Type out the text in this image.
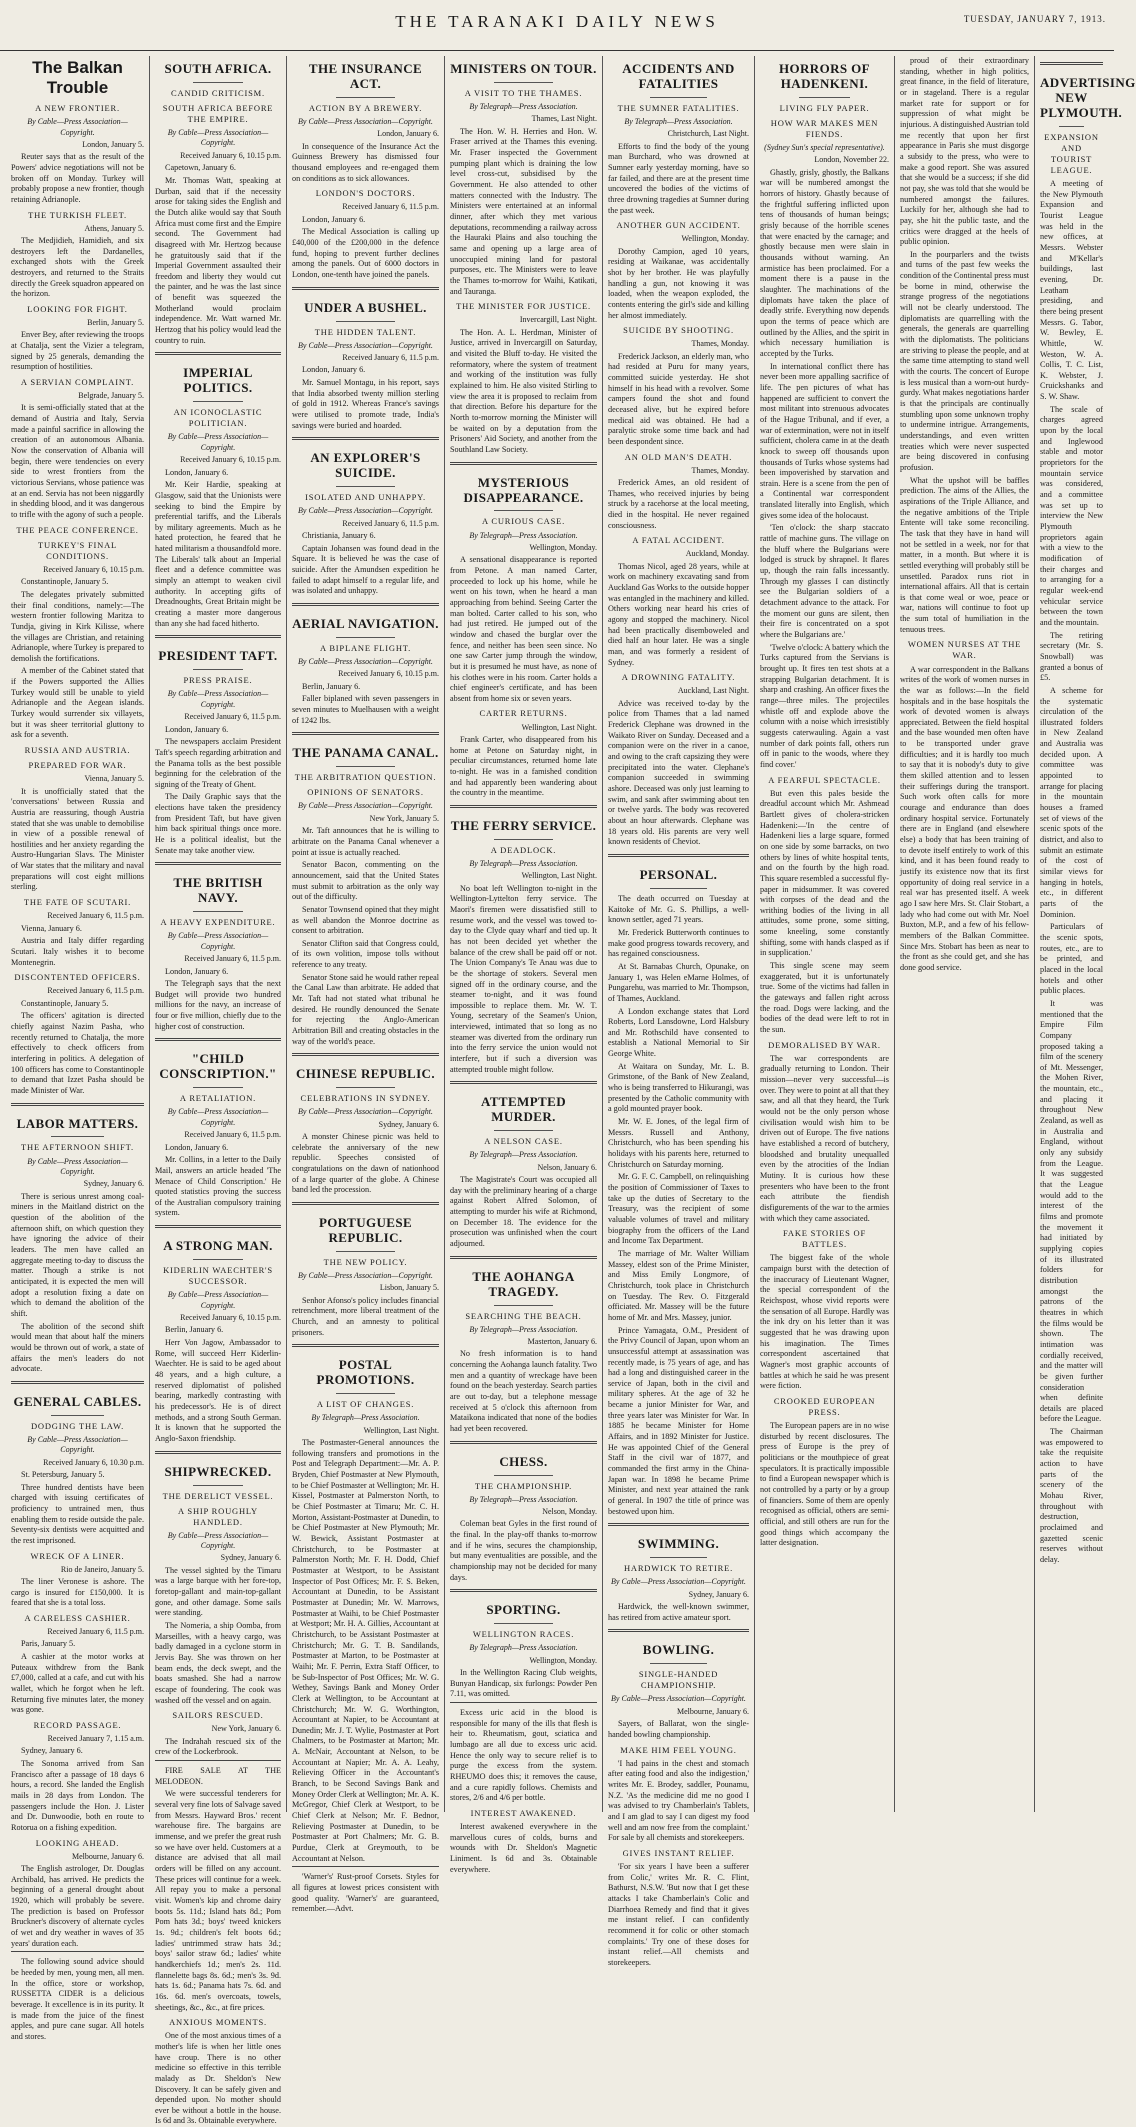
THE TARANAKI DAILY NEWS	TUESDAY, JANUARY 7, 1913.
The Balkan Trouble
A NEW FRONTIER.
By Cable—Press Association—Copyright.
London, January 5.
Reuter says that as the result of the Powers' advice negotiations will not be broken off on Monday. Turkey will probably propose a new frontier, though retaining Adrianople.
THE TURKISH FLEET.
Athens, January 5.
The Medjidieh, Hamidieh, and six destroyers left the Dardanelles, exchanged shots with the Greek destroyers, and returned to the Straits directly the Greek squadron appeared on the horizon.
LOOKING FOR FIGHT.
Berlin, January 5.
Enver Bey, after reviewing the troops at Chatalja, sent the Vizier a telegram, signed by 25 generals, demanding the resumption of hostilities.
A SERVIAN COMPLAINT.
Belgrade, January 5.
It is semi-officially stated that at the demand of Austria and Italy, Servia made a painful sacrifice in allowing the creation of an autonomous Albania. Now the conservation of Albania will begin, there were tendencies on every side to wrest frontiers from the victorious Servians, whose patience was at an end. Servia has not been niggardly in shedding blood, and it was dangerous to trifle with the agony of such a people.
THE PEACE CONFERENCE.
TURKEY'S FINAL CONDITIONS.
Received January 6, 10.15 p.m.
Constantinople, January 5.
The delegates privately submitted their final conditions, namely:—The western frontier following Maritza to Tundja, giving in Kirk Kilisse, where the villages are Christian, and retaining Adrianople, where Turkey is prepared to demolish the fortifications.
A member of the Cabinet stated that if the Powers supported the Allies Turkey would still be unable to yield Adrianople and the Aegean islands. Turkey would surrender six villayets, but it was sheer territorial gluttony to ask for a seventh.
RUSSIA AND AUSTRIA.
PREPARED FOR WAR.
Vienna, January 5.
It is unofficially stated that the 'conversations' between Russia and Austria are reassuring, though Austria stated that she was unable to demobilise in view of a possible renewal of hostilities and her anxiety regarding the Austro-Hungarian Slavs. The Minister of War states that the military and naval preparations will cost eight millions sterling.
THE FATE OF SCUTARI.
Received January 6, 11.5 p.m.
Vienna, January 6.
Austria and Italy differ regarding Scutari. Italy wishes it to become Montenegrin.
DISCONTENTED OFFICERS.
Received January 6, 11.5 p.m.
Constantinople, January 5.
The officers' agitation is directed chiefly against Nazim Pasha, who recently returned to Chatalja, the more effectively to check officers from interfering in politics. A delegation of 100 officers has come to Constantinople to demand that Izzet Pasha should be made Minister of War.
LABOR MATTERS.
THE AFTERNOON SHIFT.
By Cable—Press Association—Copyright.
Sydney, January 6.
There is serious unrest among coal-miners in the Maitland district on the question of the abolition of the afternoon shift, on which question they have ignoring the advice of their leaders. The men have called an aggregate meeting to-day to discuss the matter. Though a strike is not anticipated, it is expected the men will adopt a resolution fixing a date on which to demand the abolition of the shift.
The abolition of the second shift would mean that about half the miners would be thrown out of work, a state of affairs the men's leaders do not advocate.
GENERAL CABLES.
DODGING THE LAW.
By Cable—Press Association—Copyright.
Received January 6, 10.30 p.m.
St. Petersburg, January 5.
Three hundred dentists have been charged with issuing certificates of proficiency to untrained men, thus enabling them to reside outside the pale. Seventy-six dentists were acquitted and the rest imprisoned.
WRECK OF A LINER.
Rio de Janeiro, January 5.
The liner Veronese is ashore. The cargo is insured for £150,000. It is feared that she is a total loss.
A CARELESS CASHIER.
Received January 6, 11.5 p.m.
Paris, January 5.
A cashier at the motor works at Puteaux withdrew from the Bank £7,000, called at a cafe, and cut with his wallet, which he forgot when he left. Returning five minutes later, the money was gone.
RECORD PASSAGE.
Received January 7, 1.15 a.m.
Sydney, January 6.
The Sonoma arrived from San Francisco after a passage of 18 days 6 hours, a record. She landed the English mails in 28 days from London. The passengers include the Hon. J. Lister and Dr. Dunwoodie, both en route to Rotorua on a fishing expedition.
LOOKING AHEAD.
Melbourne, January 6.
The English astrologer, Dr. Douglas Archibald, has arrived. He predicts the beginning of a general drought about 1920, which will probably be severe. The prediction is based on Professor Bruckner's discovery of alternate cycles of wet and dry weather in waves of 35 years' duration each.
The following sound advice should be heeded by men, young men, all men. In the office, store or workshop, RUSSETTA CIDER is a delicious beverage. It excellence is in its purity. It is made from the juice of the finest apples, and pure cane sugar. All hotels and stores.
SOUTH AFRICA.
CANDID CRITICISM.
SOUTH AFRICA BEFORE THE EMPIRE.
By Cable—Press Association—Copyright.
Received January 6, 10.15 p.m.
Capetown, January 6.
Mr. Thomas Watt, speaking at Durban, said that if the necessity arose for taking sides the English and the Dutch alike would say that South Africa must come first and the Empire second. The Government had disagreed with Mr. Hertzog because he gratuitously said that if the Imperial Government assaulted their freedom and liberty they would cut the painter, and he was the last since of benefit was squeezed the Motherland would proclaim independence. Mr. Watt warned Mr. Hertzog that his policy would lead the country to ruin.
IMPERIAL POLITICS.
AN ICONOCLASTIC POLITICIAN.
By Cable—Press Association—Copyright.
Received January 6, 10.15 p.m.
London, January 6.
Mr. Keir Hardie, speaking at Glasgow, said that the Unionists were seeking to bind the Empire by preferential tariffs, and the Liberals by military agreements. Much as he hated protection, he feared that he hated militarism a thousandfold more. The Liberals' talk about an Imperial fleet and a defence committee was simply an attempt to weaken civil authority. In accepting gifts of Dreadnoughts, Great Britain might be creating a master more dangerous than any she had faced hitherto.
PRESIDENT TAFT.
PRESS PRAISE.
By Cable—Press Association—Copyright.
Received January 6, 11.5 p.m.
London, January 6.
The newspapers acclaim President Taft's speech regarding arbitration and the Panama tolls as the best possible beginning for the celebration of the signing of the Treaty of Ghent.
The Daily Graphic says that the elections have taken the presidency from President Taft, but have given him back spiritual things once more. He is a political idealist, but the Senate may take another view.
THE BRITISH NAVY.
A HEAVY EXPENDITURE.
By Cable—Press Association—Copyright.
Received January 6, 11.5 p.m.
London, January 6.
The Telegraph says that the next Budget will provide two hundred millions for the navy, an increase of four or five million, chiefly due to the higher cost of construction.
"CHILD CONSCRIPTION."
A RETALIATION.
By Cable—Press Association—Copyright.
Received January 6, 11.5 p.m.
London, January 6.
Mr. Collins, in a letter to the Daily Mail, answers an article headed 'The Menace of Child Conscription.' He quoted statistics proving the success of the Australian compulsory training system.
A STRONG MAN.
KIDERLIN WAECHTER'S SUCCESSOR.
By Cable—Press Association—Copyright.
Received January 6, 10.15 p.m.
Berlin, January 6.
Herr Von Jagow, Ambassador to Rome, will succeed Herr Kiderlin-Waechter. He is said to be aged about 48 years, and a high culture, a reserved diplomatist of polished bearing, markedly contrasting with his predecessor's. He is of direct methods, and a strong South German. It is known that he supported the Anglo-Saxon friendship.
SHIPWRECKED.
THE DERELICT VESSEL.
A SHIP ROUGHLY HANDLED.
By Cable—Press Association—Copyright.
Sydney, January 6.
The vessel sighted by the Timaru was a large barque with her fore-top, foretop-gallant and main-top-gallant gone, and other damage. Some sails were standing.
The Nomeria, a ship Oomba, from Marseilles, with a heavy cargo, was badly damaged in a cyclone storm in Jervis Bay. She was thrown on her beam ends, the deck swept, and the boats smashed. She had a narrow escape of foundering. The cook was washed off the vessel and on again.
SAILORS RESCUED.
New York, January 6.
The Indrahah rescued six of the crew of the Lockerbrook.
FIRE SALE AT THE MELODEON.
We were successful tenderers for several very fine lots of Salvage saved from Messrs. Hayward Bros.' recent warehouse fire. The bargains are immense, and we prefer the great rush so we have over held. Customers at a distance are advised that all mail orders will be filled on any account. These prices will continue for a week. All repay you to make a personal visit. Women's kip and chrome dairy boots 5s. 11d.; Island hats 8d.; Pom Pom hats 3d.; boys' tweed knickers 1s. 9d.; children's felt boots 6d.; ladies' untrimmed straw hats 3d.; boys' sailor straw 6d.; ladies' white handkerchiefs 1d.; men's 2s. 11d. flannelette bags 8s. 6d.; men's 3s. 9d. hats 1s. 6d.; Panama hats 7s. 6d. and 16s. 6d. men's overcoats, towels, sheetings, &c., &c., at fire prices.
ANXIOUS MOMENTS.
One of the most anxious times of a mother's life is when her little ones have croup. There is no other medicine so effective in this terrible malady as Dr. Sheldon's New Discovery. It can be safely given and depended upon. No mother should ever be without a bottle in the house. Is 6d and 3s. Obtainable everywhere.
THE INSURANCE ACT.
ACTION BY A BREWERY.
By Cable—Press Association—Copyright.
London, January 6.
In consequence of the Insurance Act the Guinness Brewery has dismissed four thousand employees and re-engaged them on conditions as to sick allowances.
LONDON'S DOCTORS.
Received January 6, 11.5 p.m.
London, January 6.
The Medical Association is calling up £40,000 of the £200,000 in the defence fund, hoping to prevent further declines among the panels. Out of 6000 doctors in London, one-tenth have joined the panels.
UNDER A BUSHEL.
THE HIDDEN TALENT.
By Cable—Press Association—Copyright.
Received January 6, 11.5 p.m.
London, January 6.
Mr. Samuel Montagu, in his report, says that India absorbed twenty million sterling of gold in 1912. Whereas France's savings were utilised to promote trade, India's savings were buried and hoarded.
AN EXPLORER'S SUICIDE.
ISOLATED AND UNHAPPY.
By Cable—Press Association—Copyright.
Received January 6, 11.5 p.m.
Christiania, January 6.
Captain Johansen was found dead in the Square. It is believed he was the case of suicide. After the Amundsen expedition he failed to adapt himself to a regular life, and was isolated and unhappy.
AERIAL NAVIGATION.
A BIPLANE FLIGHT.
By Cable—Press Association—Copyright.
Received January 6, 10.15 p.m.
Berlin, January 6.
Faller biplaned with seven passengers in seven minutes to Muelhausen with a weight of 1242 lbs.
THE PANAMA CANAL.
THE ARBITRATION QUESTION.
OPINIONS OF SENATORS.
By Cable—Press Association—Copyright.
New York, January 5.
Mr. Taft announces that he is willing to arbitrate on the Panama Canal whenever a point at issue is actually reached.
Senator Bacon, commenting on the announcement, said that the United States must submit to arbitration as the only way out of the difficulty.
Senator Townsend opined that they might as well abandon the Monroe doctrine as consent to arbitration.
Senator Clifton said that Congress could, of its own volition, impose tolls without reference to any treaty.
Senator Stone said he would rather repeal the Canal Law than arbitrate. He added that Mr. Taft had not stated what tribunal he desired. He roundly denounced the Senate for rejecting the Anglo-American Arbitration Bill and creating obstacles in the way of the world's peace.
CHINESE REPUBLIC.
CELEBRATIONS IN SYDNEY.
By Cable—Press Association—Copyright.
Sydney, January 6.
A monster Chinese picnic was held to celebrate the anniversary of the new republic. Speeches consisted of congratulations on the dawn of nationhood of a large quarter of the globe. A Chinese band led the procession.
PORTUGUESE REPUBLIC.
THE NEW POLICY.
By Cable—Press Association—Copyright.
Lisbon, January 5.
Senhor Afonso's policy includes financial retrenchment, more liberal treatment of the Church, and an amnesty to political prisoners.
POSTAL PROMOTIONS.
A LIST OF CHANGES.
By Telegraph—Press Association.
Wellington, Last Night.
The Postmaster-General announces the following transfers and promotions in the Post and Telegraph Department:—Mr. A. P. Bryden, Chief Postmaster at New Plymouth, to be Chief Postmaster at Wellington; Mr. H. Kissel, Postmaster at Palmerston North, to be Chief Postmaster at Timaru; Mr. C. H. Morton, Assistant-Postmaster at Dunedin, to be Chief Postmaster at New Plymouth; Mr. W. Bewick, Assistant Postmaster at Christchurch, to be Postmaster at Palmerston North; Mr. F. H. Dodd, Chief Postmaster at Westport, to be Assistant Inspector of Post Offices; Mr. F. S. Beken, Accountant at Dunedin, to be Assistant Postmaster at Dunedin; Mr. W. Marrows, Postmaster at Waihi, to be Chief Postmaster at Westport; Mr. H. A. Gillies, Accountant at Christchurch, to be Assistant Postmaster at Christchurch; Mr. G. T. B. Sandilands, Postmaster at Marton, to be Postmaster at Waihi; Mr. F. Perrin, Extra Staff Officer, to be Sub-Inspector of Post Offices; Mr. W. G. Wethey, Savings Bank and Money Order Clerk at Wellington, to be Accountant at Christchurch; Mr. W. G. Worthington, Accountant at Napier, to be Accountant at Dunedin; Mr. J. T. Wylie, Postmaster at Port Chalmers, to be Postmaster at Marton; Mr. A. McNair, Accountant at Nelson, to be Accountant at Napier; Mr. A. A. Leahy, Relieving Officer in the Accountant's Branch, to be Second Savings Bank and Money Order Clerk at Wellington; Mr. A. K. McGregor, Chief Clerk at Westport, to be Chief Clerk at Nelson; Mr. F. Bednor, Relieving Postmaster at Dunedin, to be Postmaster at Port Chalmers; Mr. G. B. Purdue, Clerk at Greymouth, to be Accountant at Nelson.
'Warner's' Rust-proof Corsets. Styles for all figures at lowest prices consistent with good quality. 'Warner's' are guaranteed, remember.—Advt.
MINISTERS ON TOUR.
A VISIT TO THE THAMES.
By Telegraph—Press Association.
Thames, Last Night.
The Hon. W. H. Herries and Hon. W. Fraser arrived at the Thames this evening. Mr. Fraser inspected the Government pumping plant which is draining the low level cross-cut, subsidised by the Government. He also attended to other matters connected with the Industry. The Ministers were entertained at an informal dinner, after which they met various deputations, recommending a railway across the Hauraki Plains and also touching the same and opening up a large area of unoccupied mining land for pastoral purposes, etc. The Ministers were to leave the Thames to-morrow for Waihi, Katikati, and Tauranga.
THE MINISTER FOR JUSTICE.
Invercargill, Last Night.
The Hon. A. L. Herdman, Minister of Justice, arrived in Invercargill on Saturday, and visited the Bluff to-day. He visited the reformatory, where the system of treatment and working of the institution was fully explained to him. He also visited Stirling to view the area it is proposed to reclaim from that direction. Before his departure for the North to-morrow morning the Minister will be waited on by a deputation from the Prisoners' Aid Society, and another from the Southland Law Society.
MYSTERIOUS DISAPPEARANCE.
A CURIOUS CASE.
By Telegraph—Press Association.
Wellington, Monday.
A sensational disappearance is reported from Petone. A man named Carter, proceeded to lock up his home, while he went on his town, when he heard a man approaching from behind. Seeing Carter the man bolted. Carter called to his son, who had just retired. He jumped out of the window and chased the burglar over the fence, and neither has been seen since. No one saw Carter jump through the window, but it is presumed he must have, as none of his clothes were in his room. Carter holds a chief engineer's certificate, and has been absent from home six or seven years.
CARTER RETURNS.
Wellington, Last Night.
Frank Carter, who disappeared from his home at Petone on Saturday night, in peculiar circumstances, returned home late to-night. He was in a famished condition and had apparently been wandering about the country in the meantime.
THE FERRY SERVICE.
A DEADLOCK.
By Telegraph—Press Association.
Wellington, Last Night.
No boat left Wellington to-night in the Wellington-Lyttelton ferry service. The Maori's firemen were dissatisfied still to resume work, and the vessel was towed to-day to the Clyde quay wharf and tied up. It has not been decided yet whether the balance of the crew shall be paid off or not. The Union Company's Te Anau was due to be the shortage of stokers. Several men signed off in the ordinary course, and the steamer to-night, and it was found impossible to replace them. Mr. W. T. Young, secretary of the Seamen's Union, interviewed, intimated that so long as no steamer was diverted from the ordinary run into the ferry service the union would not interfere, but if such a diversion was attempted trouble might follow.
ATTEMPTED MURDER.
A NELSON CASE.
By Telegraph—Press Association.
Nelson, January 6.
The Magistrate's Court was occupied all day with the preliminary hearing of a charge against Robert Alfred Solomon, of attempting to murder his wife at Richmond, on December 18. The evidence for the prosecution was unfinished when the court adjourned.
THE AOHANGA TRAGEDY.
SEARCHING THE BEACH.
By Telegraph—Press Association.
Masterton, January 6.
No fresh information is to hand concerning the Aohanga launch fatality. Two men and a quantity of wreckage have been found on the beach yesterday. Search parties are out to-day, but a telephone message received at 5 o'clock this afternoon from Mataikona indicated that none of the bodies had yet been recovered.
CHESS.
THE CHAMPIONSHIP.
By Telegraph—Press Association.
Nelson, Monday.
Coleman beat Gyles in the first round of the final. In the play-off thanks to-morrow and if he wins, secures the championship, but many eventualities are possible, and the championship may not be decided for many days.
SPORTING.
WELLINGTON RACES.
By Telegraph—Press Association.
Wellington, Monday.
In the Wellington Racing Club weights, Bunyan Handicap, six furlongs: Powder Pen 7.11, was omitted.
Excess uric acid in the blood is responsible for many of the ills that flesh is heir to. Rheumatism, gout, sciatica and lumbago are all due to excess uric acid. Hence the only way to secure relief is to purge the excess from the system. RHEUMO does this; it removes the cause, and a cure rapidly follows. Chemists and stores, 2/6 and 4/6 per bottle.
INTEREST AWAKENED.
Interest awakened everywhere in the marvellous cures of colds, burns and wounds with Dr. Sheldon's Magnetic Liniment. Is 6d and 3s. Obtainable everywhere.
ACCIDENTS AND FATALITIES
THE SUMNER FATALITIES.
By Telegraph—Press Association.
Christchurch, Last Night.
Efforts to find the body of the young man Burchard, who was drowned at Sumner early yesterday morning, have so far failed, and there are at the present time uncovered the bodies of the victims of three drowning tragedies at Sumner during the past week.
ANOTHER GUN ACCIDENT.
Wellington, Monday.
Dorothy Campion, aged 10 years, residing at Waikanae, was accidentally shot by her brother. He was playfully handling a gun, not knowing it was loaded, when the weapon exploded, the contents entering the girl's side and killing her almost immediately.
SUICIDE BY SHOOTING.
Thames, Monday.
Frederick Jackson, an elderly man, who had resided at Puru for many years, committed suicide yesterday. He shot himself in his head with a revolver. Some campers found the shot and found deceased alive, but he expired before medical aid was obtained. He had a paralytic stroke some time back and had been despondent since.
AN OLD MAN'S DEATH.
Thames, Monday.
Frederick Ames, an old resident of Thames, who received injuries by being struck by a racehorse at the local meeting, died in the hospital. He never regained consciousness.
A FATAL ACCIDENT.
Auckland, Monday.
Thomas Nicol, aged 28 years, while at work on machinery excavating sand from Auckland Gas Works to the outside hopper was entangled in the machinery and killed. Others working near heard his cries of agony and stopped the machinery. Nicol had been practically disemboweled and died half an hour later. He was a single man, and was formerly a resident of Sydney.
A DROWNING FATALITY.
Auckland, Last Night.
Advice was received to-day by the police from Thames that a lad named Frederick Clephane was drowned in the Waikato River on Sunday. Deceased and a companion were on the river in a canoe, and owing to the craft capsizing they were precipitated into the water. Clephane's companion succeeded in swimming ashore. Deceased was only just learning to swim, and sank after swimming about ten or twelve yards. The body was recovered about an hour afterwards. Clephane was 18 years old. His parents are very well known residents of Cheviot.
PERSONAL.
The death occurred on Tuesday at Kaitoke of Mr. G. S. Phillips, a well-known settler, aged 71 years.
Mr. Frederick Butterworth continues to make good progress towards recovery, and has regained consciousness.
At St. Barnabas Church, Opunake, on January 1, was Helen eMarne Holmes, of Pungarehu, was married to Mr. Thompson, of Thames, Auckland.
A London exchange states that Lord Roberts, Lord Lansdowne, Lord Halsbury and Mr. Rothschild have consented to establish a National Memorial to Sir George White.
At Waitara on Sunday, Mr. L. B. Grimstone, of the Bank of New Zealand, who is being transferred to Hikurangi, was presented by the Catholic community with a gold mounted prayer book.
Mr. W. E. Jones, of the legal firm of Messrs. Russell and Anthony, Christchurch, who has been spending his holidays with his parents here, returned to Christchurch on Saturday morning.
Mr. G. F. C. Campbell, on relinquishing the position of Commissioner of Taxes to take up the duties of Secretary to the Treasury, was the recipient of some valuable volumes of travel and military biography from the officers of the Land and Income Tax Department.
The marriage of Mr. Walter William Massey, eldest son of the Prime Minister, and Miss Emily Longmore, of Christchurch, took place in Christchurch on Tuesday. The Rev. O. Fitzgerald officiated. Mr. Massey will be the future home of Mr. and Mrs. Massey, junior.
Prince Yamagata, O.M., President of the Privy Council of Japan, upon whom an unsuccessful attempt at assassination was recently made, is 75 years of age, and has had a long and distinguished career in the service of Japan, both in the civil and military spheres. At the age of 32 he became a junior Minister for War, and three years later was Minister for War. In 1885 he became Minister for Home Affairs, and in 1892 Minister for Justice. He was appointed Chief of the General Staff in the civil war of 1877, and commanded the first army in the China-Japan war. In 1898 he became Prime Minister, and next year attained the rank of general. In 1907 the title of prince was bestowed upon him.
SWIMMING.
HARDWICK TO RETIRE.
By Cable—Press Association—Copyright.
Sydney, January 6.
Hardwick, the well-known swimmer, has retired from active amateur sport.
BOWLING.
SINGLE-HANDED CHAMPIONSHIP.
By Cable—Press Association—Copyright.
Melbourne, January 6.
Sayers, of Ballarat, won the single-handed bowling championship.
MAKE HIM FEEL YOUNG.
'I had pains in the chest and stomach after eating food and also the indigestion,' writes Mr. E. Brodey, saddler, Pounamu, N.Z. 'As the medicine did me no good I was advised to try Chamberlain's Tablets, and I am glad to say I can digest my food well and am now free from the complaint.' For sale by all chemists and storekeepers.
GIVES INSTANT RELIEF.
'For six years I have been a sufferer from Colic,' writes Mr. R. C. Flint, Bathurst, N.S.W. 'But now that I get these attacks I take Chamberlain's Colic and Diarrhoea Remedy and find that it gives me instant relief. I can confidently recommend it for colic or other stomach complaints.' Try one of these doses for instant relief.—All chemists and storekeepers.
HORRORS OF HADENKENI.
LIVING FLY PAPER.
HOW WAR MAKES MEN FIENDS.
(Sydney Sun's special representative).
London, November 22.
Ghastly, grisly, ghostly, the Balkans war will be numbered amongst the horrors of history. Ghastly because of the frightful suffering inflicted upon tens of thousands of human beings; grisly because of the horrible scenes that were enacted by the carnage; and ghostly because men were slain in thousands without warning. An armistice has been proclaimed. For a moment there is a pause in the slaughter. The machinations of the diplomats have taken the place of deadly strife. Everything now depends upon the terms of peace which are outlined by the Allies, and the spirit in which necessary humiliation is accepted by the Turks.
In international conflict there has never been more appalling sacrifice of life. The pen pictures of what has happened are sufficient to convert the most militant into strenuous advocates of the Hague Tribunal, and if ever, a war of extermination, were not in itself sufficient, cholera came in at the death knock to sweep off thousands upon thousands of Turks whose systems had been impoverished by starvation and strain. Here is a scene from the pen of a Continental war correspondent translated literally into English, which gives some idea of the holocaust.
'Ten o'clock: the sharp staccato rattle of machine guns. The village on the bluff where the Bulgarians were lodged is struck by shrapnel. It flares up, though the rain falls incessantly. Through my glasses I can distinctly see the Bulgarian soldiers of a detachment advance to the attack. For the moment our guns are silent, then their fire is concentrated on a spot where the Bulgarians are.'
'Twelve o'clock: A battery which the Turks captured from the Servians is brought up. It fires ten test shots at a strapping Bulgarian detachment. It is sharp and crashing. An officer fixes the range—three miles. The projectiles whistle off and explode above the column with a noise which irresistibly suggests caterwauling. Again a vast number of dark points fall, others run off in panic to the woods, where they find cover.'
A FEARFUL SPECTACLE.
But even this pales beside the dreadful account which Mr. Ashmead Bartlett gives of cholera-stricken Hadenkeni:—'In the centre of Hadenkeni lies a large square, formed on one side by some barracks, on two others by lines of white hospital tents, and on the fourth by the high road. This square resembled a successful fly-paper in midsummer. It was covered with corpses of the dead and the writhing bodies of the living in all attitudes, some prone, some sitting, some kneeling, some constantly shifting, some with hands clasped as if in supplication.'
This single scene may seem exaggerated, but it is unfortunately true. Some of the victims had fallen in the gateways and fallen right across the road. Dogs were lacking, and the bodies of the dead were left to rot in the sun.
DEMORALISED BY WAR.
The war correspondents are gradually returning to London. Their mission—never very successful—is over. They were to point at all that they saw, and all that they heard, the Turk would not be the only person whose civilisation would wish him to be driven out of Europe. The five nations have established a record of butchery, bloodshed and brutality unequalled even by the atrocities of the Indian Mutiny. It is curious how these presenters who have been to the front each attribute the fiendish disfigurements of the war to the armies with which they came associated.
FAKE STORIES OF BATTLES.
The biggest fake of the whole campaign burst with the detection of the inaccuracy of Lieutenant Wagner, the special correspondent of the Reichspost, whose vivid reports were the sensation of all Europe. Hardly was the ink dry on his letter than it was suggested that he was drawing upon his imagination. The Times correspondent ascertained that Wagner's most graphic accounts of battles at which he said he was present were fiction.
CROOKED EUROPEAN PRESS.
The European papers are in no wise disturbed by recent disclosures. The press of Europe is the prey of politicians or the mouthpiece of great speculators. It is practically impossible to find a European newspaper which is not controlled by a party or by a group of financiers. Some of them are openly recognised as official, others are semi-official, and still others are run for the good things which accompany the latter designation.
proud of their extraordinary standing, whether in high politics, great finance, in the field of literature, or in stageland. There is a regular market rate for support or for suppression of what might be injurious. A distinguished Austrian told me recently that upon her first appearance in Paris she must disgorge a subsidy to the press, who were to make a good report. She was assured that she would be a success; if she did not pay, she was told that she would be numbered amongst the failures. Luckily for her, although she had to pay, she hit the public taste, and the critics were dragged at the heels of public opinion.
In the pourparlers and the twists and turns of the past few weeks the condition of the Continental press must be borne in mind, otherwise the strange progress of the negotiations will not be clearly understood. The diplomatists are quarrelling with the generals, the generals are quarrelling with the diplomatists. The politicians are striving to please the people, and at the same time attempting to stand well with the courts. The concert of Europe is less musical than a worn-out hurdy-gurdy. What makes negotiations harder is that the principals are continually stumbling upon some unknown trophy to undermine intrigue. Arrangements, understandings, and even written treaties which were never suspected are being discovered in confusing profusion.
What the upshot will be baffles prediction. The aims of the Allies, the aspirations of the Triple Alliance, and the negative ambitions of the Triple Entente will take some reconciling. The task that they have in hand will not be settled in a week, nor for that matter, in a month. But where it is settled everything will probably still be unsettled. Paradox runs riot in international affairs. All that is certain is that come weal or woe, peace or war, nations will continue to foot up the sum total of humiliation in the tenuous trees.
WOMEN NURSES AT THE WAR.
A war correspondent in the Balkans writes of the work of women nurses in the war as follows:—In the field hospitals and in the base hospitals the work of devoted women is always appreciated. Between the field hospital and the base wounded men often have to be transported under grave difficulties; and it is hardly too much to say that it is nobody's duty to give them skilled attention and to lessen their sufferings during the transport. Such work often calls for more courage and endurance than does ordinary hospital service. Fortunately there are in England (and elsewhere else) a body that has been training of to devote itself entirely to work of this kind, and it has been found ready to justify its existence now that its first opportunity of doing real service in a real war has presented itself. A week ago I saw here Mrs. St. Clair Stobart, a lady who had come out with Mr. Noel Buxton, M.P., and a few of his fellow-members of the Balkan Committee. Since Mrs. Stobart has been as near to the front as she could get, and she has done good service.
ADVERTISING NEW PLYMOUTH.
EXPANSION AND TOURIST LEAGUE.
A meeting of the New Plymouth Expansion and Tourist League was held in the new offices, at Messrs. Webster and M'Kellar's buildings, last evening, Dr. Leatham presiding, and there being present Messrs. G. Tabor, W. Bewley, E. Whittle, W. Weston, W. A. Collis, T. C. List, K. Webster, J. Cruickshanks and S. W. Shaw.
The scale of charges agreed upon by the local and Inglewood stable and motor proprietors for the mountain service was considered, and a committee was set up to interview the New Plymouth proprietors again with a view to the modification of their charges and to arranging for a regular week-end vehicular service between the town and the mountain.
The retiring secretary (Mr. S. Snowball) was granted a bonus of £5.
A scheme for the systematic circulation of the illustrated folders in New Zealand and Australia was decided upon. A committee was appointed to arrange for placing in the mountain houses a framed set of views of the scenic spots of the district, and also to submit an estimate of the cost of similar views for hanging in hotels, etc., in different parts of the Dominion.
Particulars of the scenic spots, routes, etc., are to be printed, and placed in the local hotels and other public places.
It was mentioned that the Empire Film Company proposed taking a film of the scenery of Mt. Messenger, the Mohen River, the mountain, etc., and placing it throughout New Zealand, as well as in Australia and England, without only any subsidy from the League. It was suggested that the League would add to the interest of the films and promote the movement it had initiated by supplying copies of its illustrated folders for distribution amongst the patrons of the theatres in which the films would be shown. The intimation was cordially received, and the matter will be given further consideration when definite details are placed before the League.
The Chairman was empowered to take the requisite action to have parts of the scenery of the Mohau River, throughout with destruction, proclaimed and gazetted scenic reserves without delay.
